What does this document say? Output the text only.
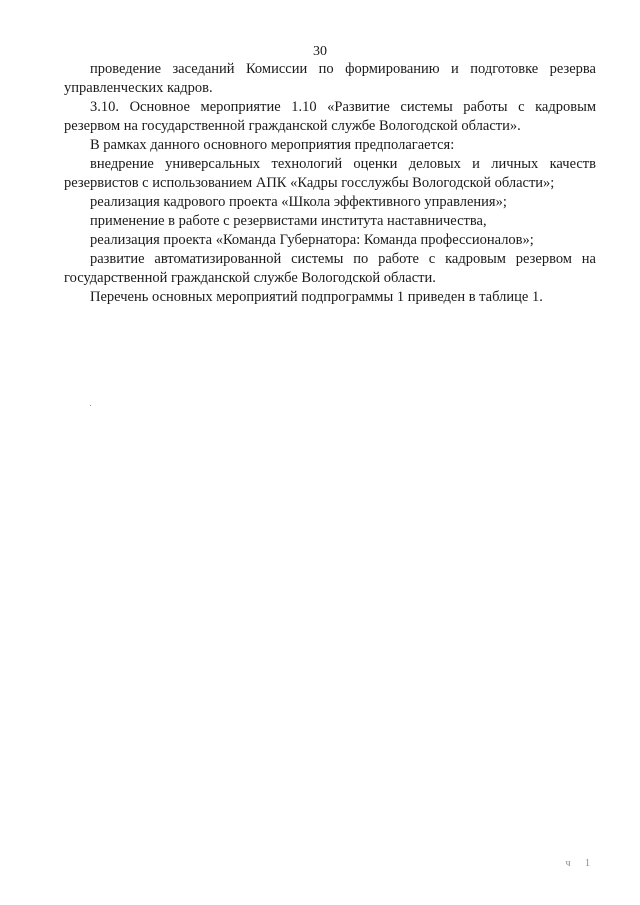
30

проведение заседаний Комиссии по формированию и подготовке резерва управленческих кадров.

3.10. Основное мероприятие 1.10 «Развитие системы работы с кадровым резервом на государственной гражданской службе Вологодской области».

В рамках данного основного мероприятия предполагается:

внедрение универсальных технологий оценки деловых и личных качеств резервистов с использованием АПК «Кадры госслужбы Вологодской области»;

реализация кадрового проекта «Школа эффективного управления»;

применение в работе с резервистами института наставничества,

реализация проекта «Команда Губернатора: Команда профессионалов»;

развитие автоматизированной системы по работе с кадровым резервом на государственной гражданской службе Вологодской области.

Перечень основных мероприятий подпрограммы 1 приведен в таблице 1.

ч 1
